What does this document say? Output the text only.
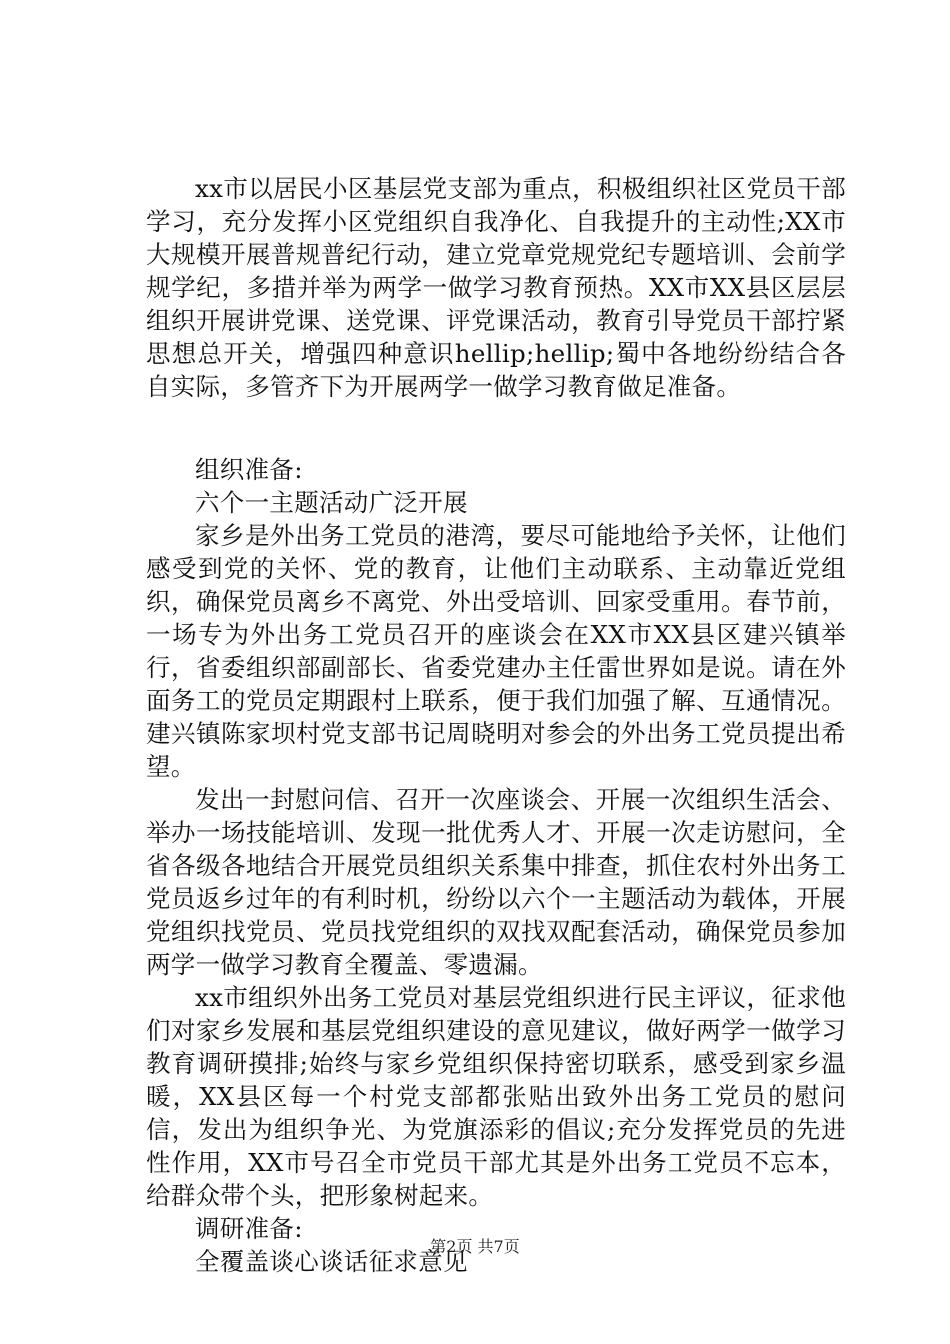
xx市以居民小区基层党支部为重点，积极组织社区党员干部学习，充分发挥小区党组织自我净化、自我提升的主动性;XX市大规模开展普规普纪行动，建立党章党规党纪专题培训、会前学规学纪，多措并举为两学一做学习教育预热。XX市XX县区层层组织开展讲党课、送党课、评党课活动，教育引导党员干部拧紧思想总开关，增强四种意识hellip;hellip;蜀中各地纷纷结合各自实际，多管齐下为开展两学一做学习教育做足准备。

组织准备:

六个一主题活动广泛开展

家乡是外出务工党员的港湾，要尽可能地给予关怀，让他们感受到党的关怀、党的教育，让他们主动联系、主动靠近党组织，确保党员离乡不离党、外出受培训、回家受重用。春节前，一场专为外出务工党员召开的座谈会在XX市XX县区建兴镇举行，省委组织部副部长、省委党建办主任雷世界如是说。请在外面务工的党员定期跟村上联系，便于我们加强了解、互通情况。建兴镇陈家坝村党支部书记周晓明对参会的外出务工党员提出希望。

发出一封慰问信、召开一次座谈会、开展一次组织生活会、举办一场技能培训、发现一批优秀人才、开展一次走访慰问，全省各级各地结合开展党员组织关系集中排查，抓住农村外出务工党员返乡过年的有利时机，纷纷以六个一主题活动为载体，开展党组织找党员、党员找党组织的双找双配套活动，确保党员参加两学一做学习教育全覆盖、零遗漏。

xx市组织外出务工党员对基层党组织进行民主评议，征求他们对家乡发展和基层党组织建设的意见建议，做好两学一做学习教育调研摸排;始终与家乡党组织保持密切联系，感受到家乡温暖，XX县区每一个村党支部都张贴出致外出务工党员的慰问信，发出为组织争光、为党旗添彩的倡议;充分发挥党员的先进性作用，XX市号召全市党员干部尤其是外出务工党员不忘本，给群众带个头，把形象树起来。

调研准备:

全覆盖谈心谈话征求意见

第2页 共7页
